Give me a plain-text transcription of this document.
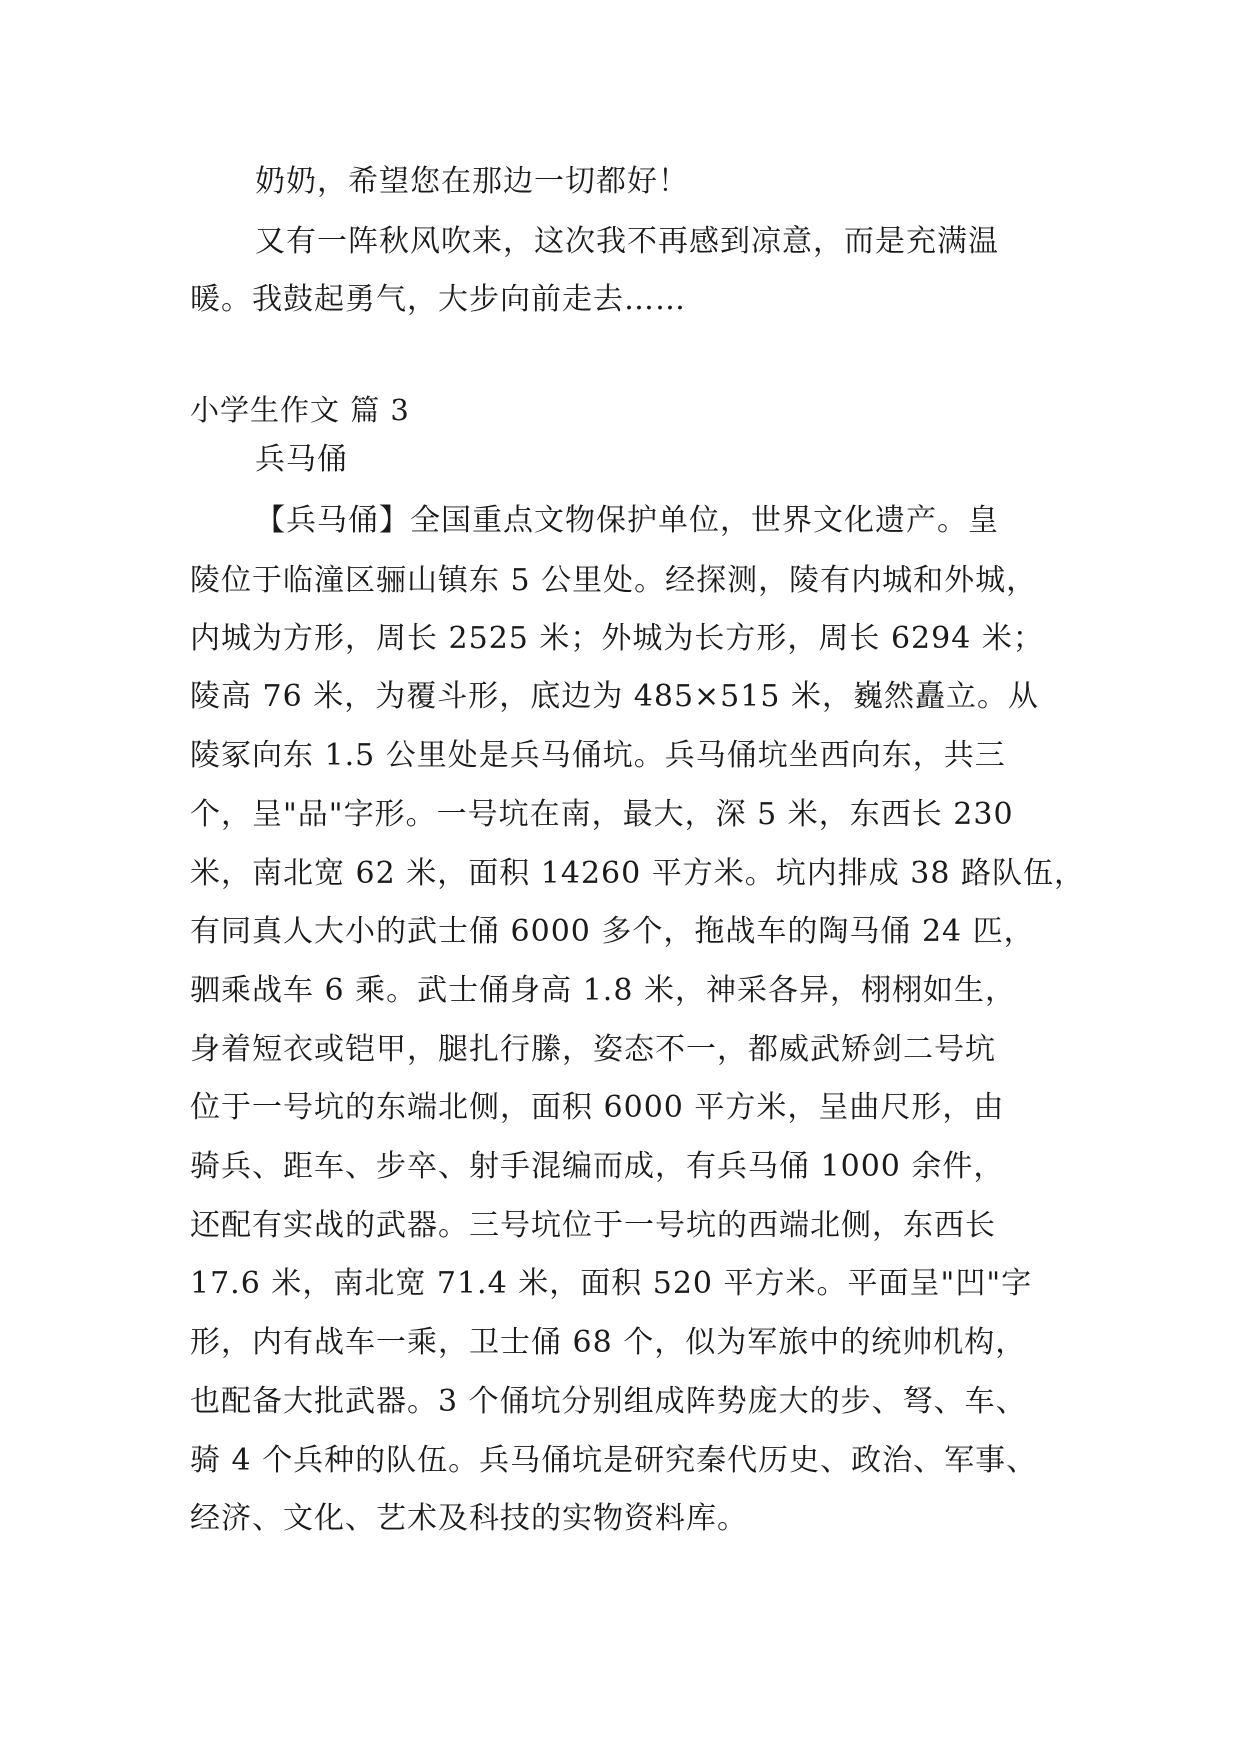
奶奶，希望您在那边一切都好！
又有一阵秋风吹来，这次我不再感到凉意，而是充满温
暖。我鼓起勇气，大步向前走去……
小学生作文 篇 3
兵马俑
【兵马俑】全国重点文物保护单位，世界文化遗产。皇
陵位于临潼区骊山镇东 5 公里处。经探测，陵有内城和外城，
内城为方形，周长 2525 米；外城为长方形，周长 6294 米；
陵高 76 米，为覆斗形，底边为 485×515 米，巍然矗立。从
陵冢向东 1.5 公里处是兵马俑坑。兵马俑坑坐西向东，共三
个，呈"品"字形。一号坑在南，最大，深 5 米，东西长 230
米，南北宽 62 米，面积 14260 平方米。坑内排成 38 路队伍，
有同真人大小的武士俑 6000 多个，拖战车的陶马俑 24 匹，
驷乘战车 6 乘。武士俑身高 1.8 米，神采各异，栩栩如生，
身着短衣或铠甲，腿扎行縢，姿态不一，都威武矫剑二号坑
位于一号坑的东端北侧，面积 6000 平方米，呈曲尺形，由
骑兵、距车、步卒、射手混编而成，有兵马俑 1000 余件，
还配有实战的武器。三号坑位于一号坑的西端北侧，东西长
17.6 米，南北宽 71.4 米，面积 520 平方米。平面呈"凹"字
形，内有战车一乘，卫士俑 68 个，似为军旅中的统帅机构，
也配备大批武器。3 个俑坑分别组成阵势庞大的步、弩、车、
骑 4 个兵种的队伍。兵马俑坑是研究秦代历史、政治、军事、
经济、文化、艺术及科技的实物资料库。
